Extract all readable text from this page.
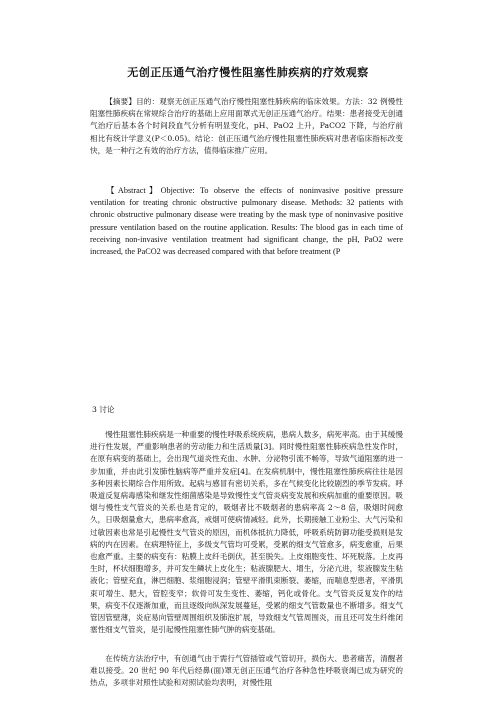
无创正压通气治疗慢性阻塞性肺疾病的疗效观察

【摘要】目的：观察无创正压通气治疗慢性阻塞性肺疾病的临床效果。方法：32 例慢性阻塞性肺疾病在常规综合治疗的基础上应用面罩式无创正压通气治疗。结果：患者接受无创通气治疗后基本各个时间段血气分析有明显变化，pH、PaO2 上升，PaCO2 下降，与治疗前相比有统计学意义(P＜0.05)。结论：创正压通气治疗慢性阻塞性肺疾病对患者临床指标改变快，是一种行之有效的治疗方法，值得临床推广应用。

【Abstract】Objective: To observe the effects of noninvasive positive pressure ventilation for treating chronic obstructive pulmonary disease. Methods: 32 patients with chronic obstructive pulmonary disease were treating by the mask type of noninvasive positive pressure ventilation based on the routine application. Results: The blood gas in each time of receiving non-invasive ventilation treatment had significant change, the pH, PaO2 were increased, the PaCO2 was decreased compared with that before treatment (P

3 讨论

慢性阻塞性肺疾病是一种重要的慢性呼吸系统疾病，患病人数多，病死率高。由于其缓慢进行性发展，严重影响患者的劳动能力和生活质量[3]。同时慢性阻塞性肺疾病急性发作时，在原有病变的基础上，会出现气道炎性充血、水肿、分泌物引流不畅等，导致气道阻塞的进一步加重，并由此引发肺性脑病等严重并发症[4]。在发病机制中，慢性阻塞性肺疾病往往是因多种因素长期综合作用所致。起病与感冒有密切关系，多在气候变化比较剧烈的季节发病。呼吸道反复病毒感染和继发性细菌感染是导致慢性支气管炎病变发展和疾病加重的重要原因。吸烟与慢性支气管炎的关系也是肯定的，吸烟者比不吸烟者的患病率高 2～8 倍，吸烟时间愈久，日吸烟量愈大，患病率愈高，戒烟可使病情减轻。此外，长期接触工业粉尘、大气污染和过敏因素也常是引起慢性支气管炎的原因，而机体抵抗力降低，呼吸系统防御功能受损则是发病的内在因素。在病理特征上，多级支气管均可受累，受累的细支气管愈多，病变愈重，后果也愈严重。主要的病变有：粘膜上皮纤毛倒伏，甚至脱失。上皮细胞变性、坏死脱落。上皮再生时，杯状细胞增多，并可发生鳞状上皮化生；粘液腺肥大、增生，分泌亢进，浆液腺发生粘液化；管壁充血，淋巴细胞、浆细胞浸润；管壁平滑肌束断裂、萎缩，而喘息型患者，平滑肌束可增生、肥大，管腔变窄；软骨可发生变性、萎缩，钙化或骨化。支气管炎反复发作的结果，病变不仅逐渐加重，而且逐级向纵深发展蔓延，受累的细支气管数量也不断增多。细支气管因管壁薄，炎症易向管壁周围组织及肺泡扩展，导致细支气管周围炎，而且还可发生纤维闭塞性细支气管炎，是引起慢性阻塞性肺气肿的病变基础。

在传统方法治疗中，有创通气由于需行气管插管或气管切开，损伤大、患者痛苦，清醒者难以接受。20 世纪 90 年代后经鼻(面)罩无创正压通气治疗各种急性呼吸衰竭已成为研究的热点，多项非对照性试验和对照试验均表明，对慢性阻
